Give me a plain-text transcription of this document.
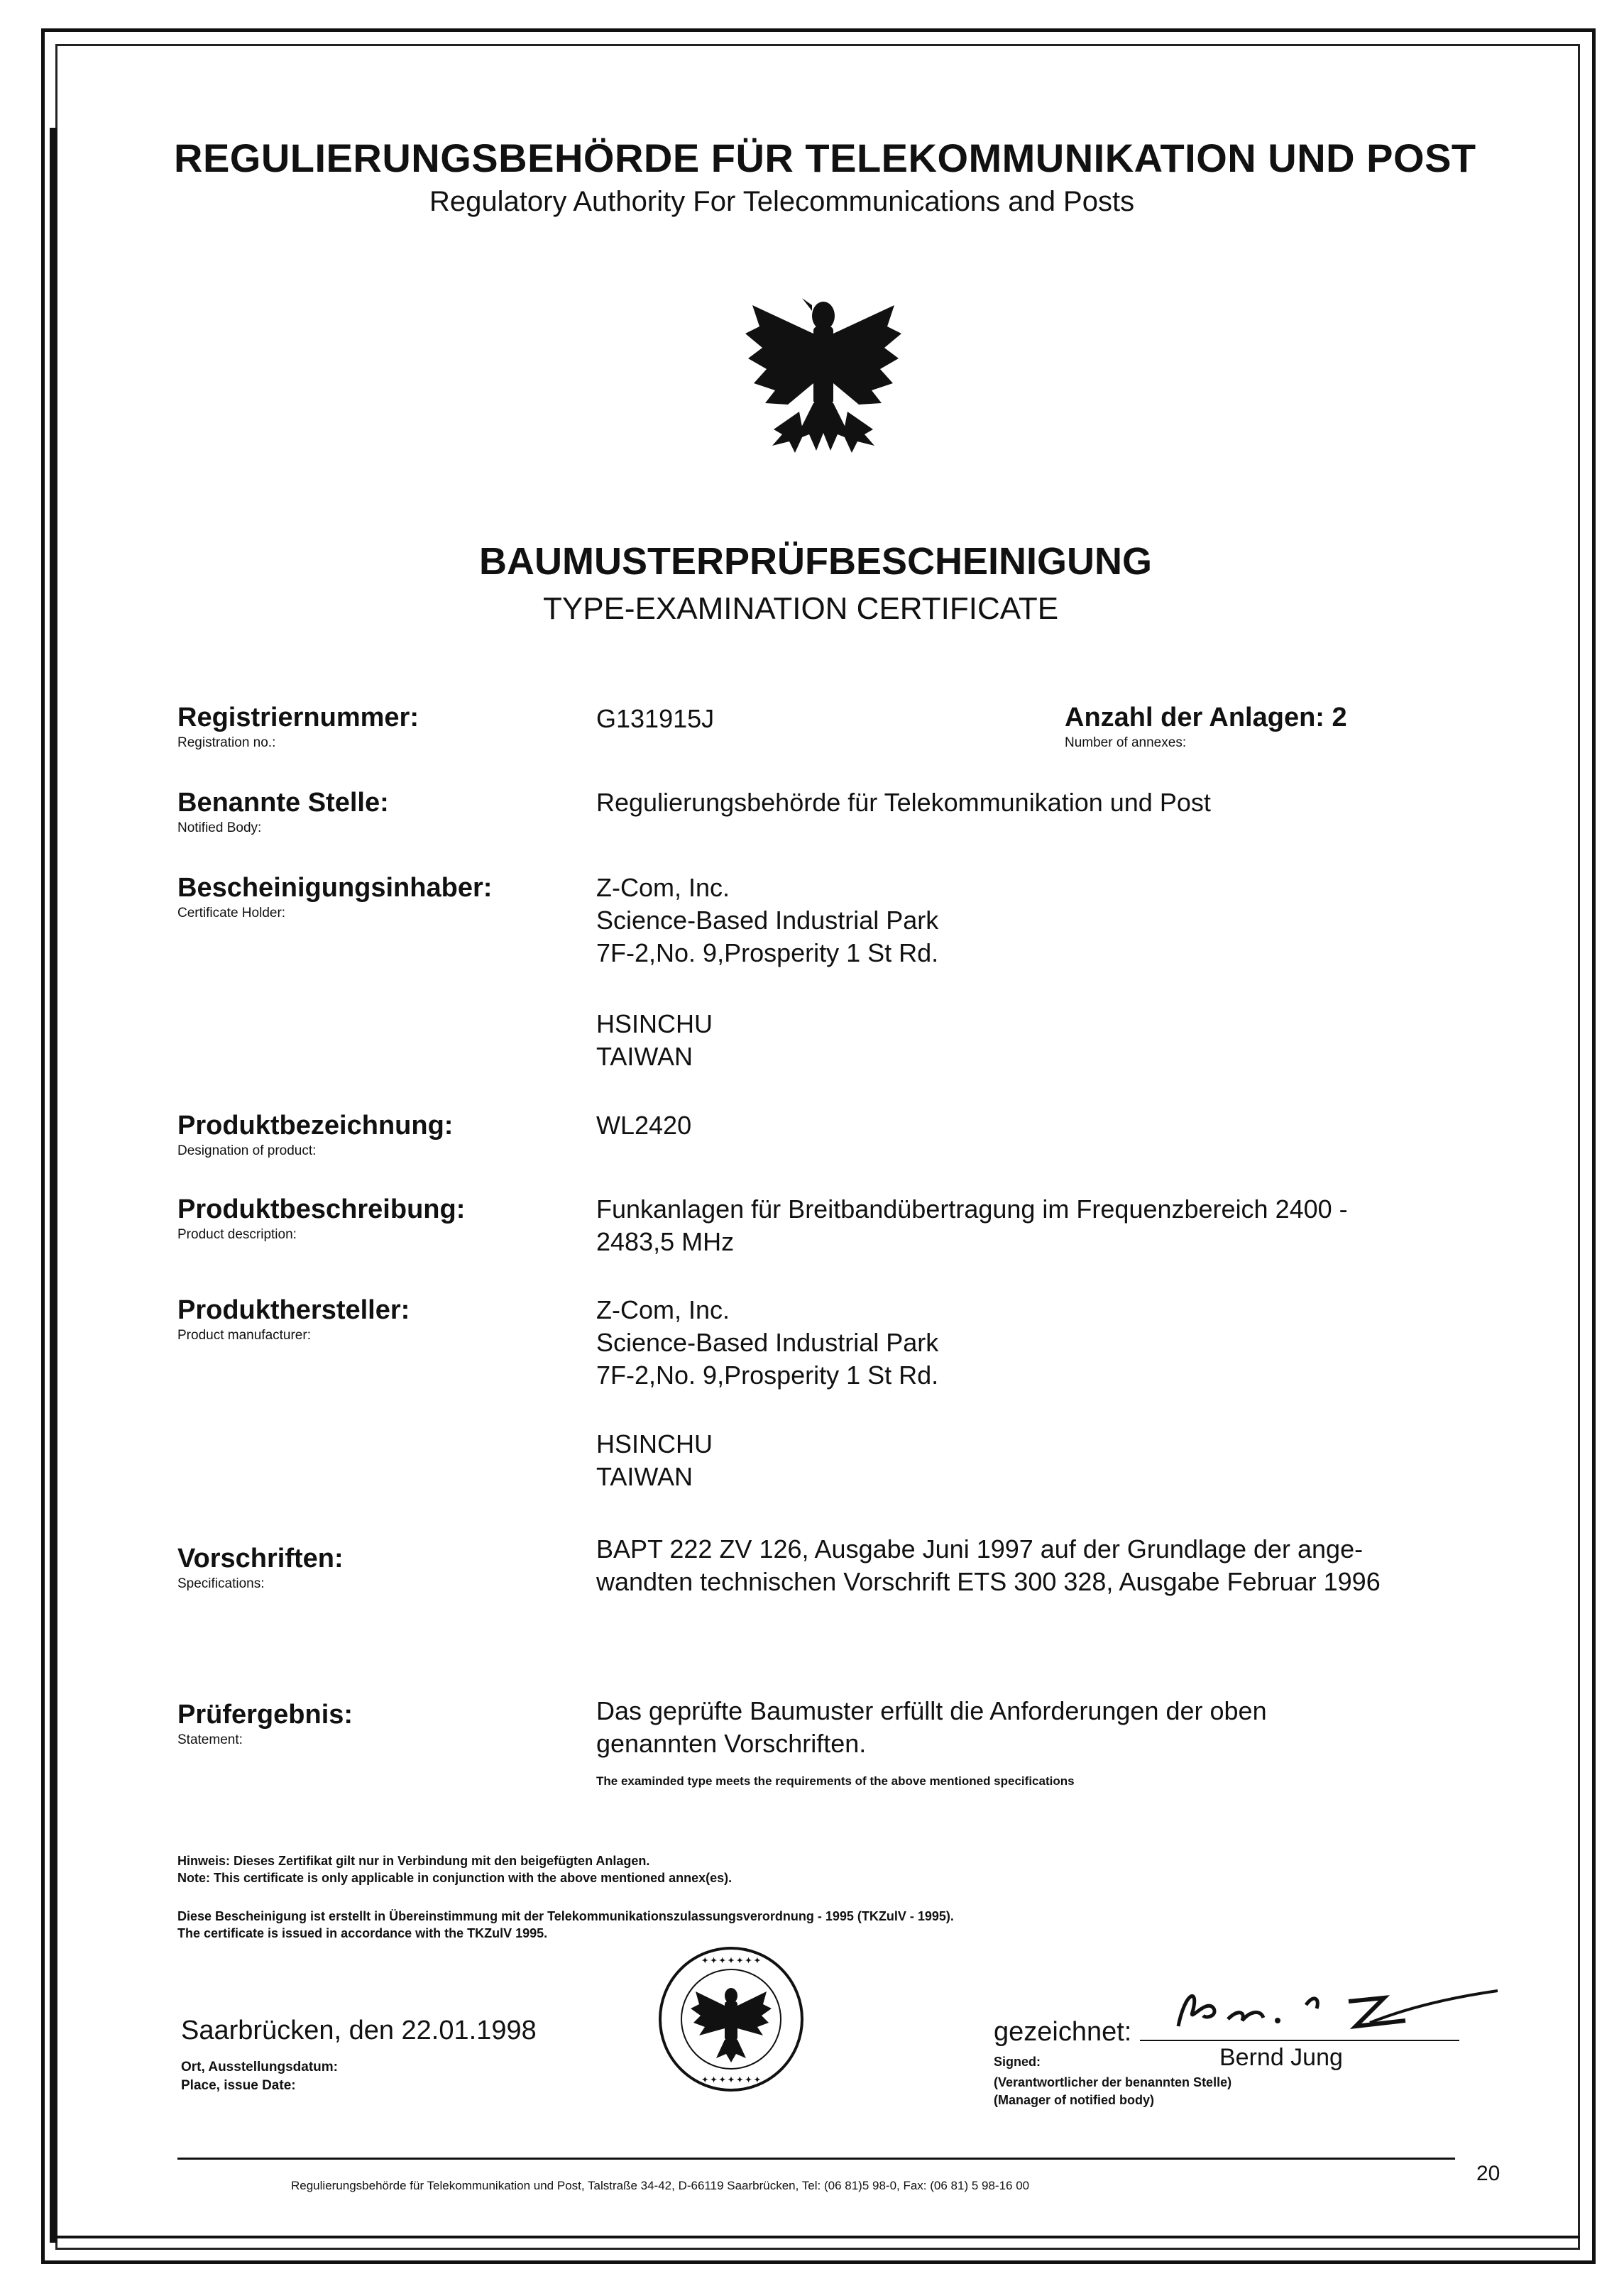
REGULIERUNGSBEHÖRDE FÜR TELEKOMMUNIKATION UND POST
Regulatory Authority For Telecommunications and Posts
BAUMUSTERPRÜFBESCHEINIGUNG
TYPE-EXAMINATION CERTIFICATE
Registriernummer:
Registration no.:
G131915J	Anzahl der Anlagen: 2
Number of annexes:
Benannte Stelle:
Notified Body:
Regulierungsbehörde für Telekommunikation und Post
Bescheinigungsinhaber:
Certificate Holder:
Z-Com, Inc.
Science-Based Industrial Park
7F-2,No. 9,Prosperity 1 St Rd.
HSINCHU
TAIWAN
Produktbezeichnung:
Designation of product:
WL2420
Produktbeschreibung:
Product description:
Funkanlagen für Breitbandübertragung im Frequenzbereich 2400 -
2483,5 MHz
Produkthersteller:
Product manufacturer:
Z-Com, Inc.
Science-Based Industrial Park
7F-2,No. 9,Prosperity 1 St Rd.
HSINCHU
TAIWAN
Vorschriften:
Specifications:
BAPT 222 ZV 126, Ausgabe Juni 1997 auf der Grundlage der ange-
wandten technischen Vorschrift ETS 300 328, Ausgabe Februar 1996
Prüfergebnis:
Statement:
Das geprüfte Baumuster erfüllt die Anforderungen der oben
genannten Vorschriften.
The examinded type meets the requirements of the above mentioned specifications
Hinweis: Dieses Zertifikat gilt nur in Verbindung mit den beigefügten Anlagen.
Note: This certificate is only applicable in conjunction with the above mentioned annex(es).
Diese Bescheinigung ist erstellt in Übereinstimmung mit der Telekommunikationszulassungsverordnung - 1995 (TKZulV - 1995).
The certificate is issued in accordance with the TKZulV 1995.
Saarbrücken, den 22.01.1998
Ort, Ausstellungsdatum:
Place, issue Date:
✦ ✦ ✦ ✦ ✦ ✦ ✦
✦ ✦ ✦ ✦ ✦ ✦ ✦
gezeichnet:
Signed:	Bernd Jung
(Verantwortlicher der benannten Stelle)
(Manager of notified body)
Regulierungsbehörde für Telekommunikation und Post, Talstraße 34-42, D-66119 Saarbrücken, Tel: (06 81)5 98-0, Fax: (06 81) 5 98-16 00
20
